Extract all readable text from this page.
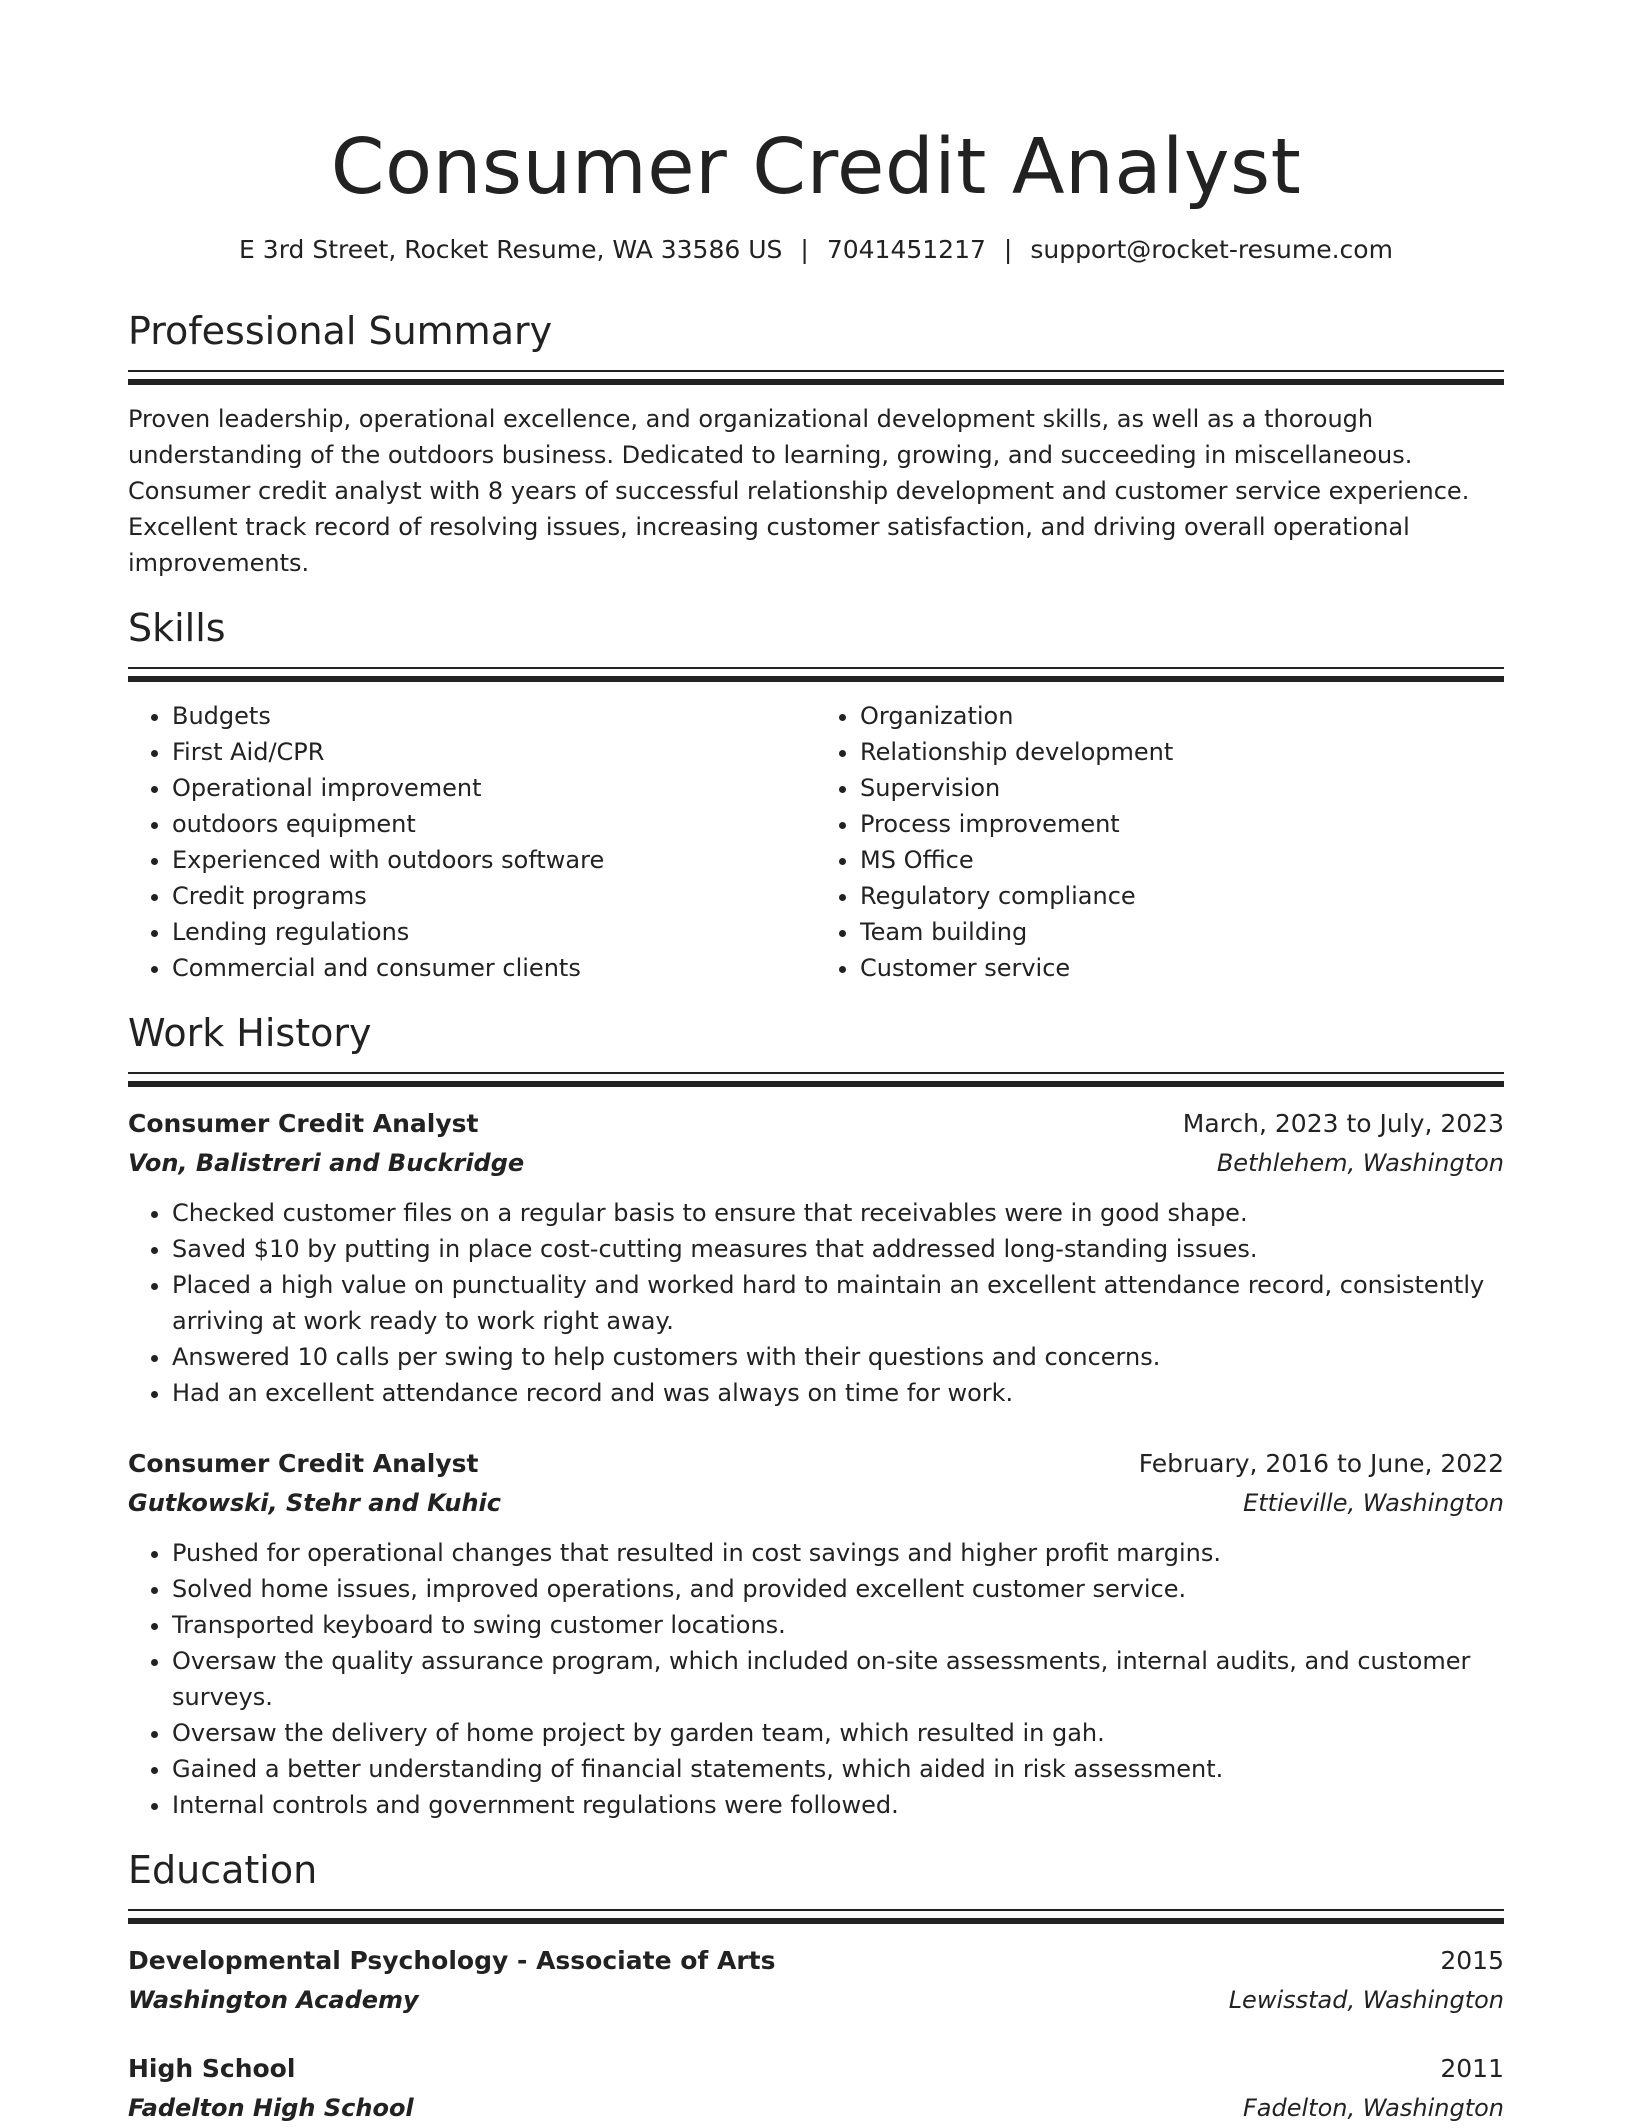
Consumer Credit Analyst
E 3rd Street, Rocket Resume, WA 33586 US | 7041451217 | support@rocket-resume.com
Professional Summary

Proven leadership, operational excellence, and organizational development skills, as well as a thorough understanding of the outdoors business. Dedicated to learning, growing, and succeeding in miscellaneous. Consumer credit analyst with 8 years of successful relationship development and customer service experience. Excellent track record of resolving issues, increasing customer satisfaction, and driving overall operational improvements.

Skills
• Budgets
• First Aid/CPR
• Operational improvement
• outdoors equipment
• Experienced with outdoors software
• Credit programs
• Lending regulations
• Commercial and consumer clients
• Organization
• Relationship development
• Supervision
• Process improvement
• MS Office
• Regulatory compliance
• Team building
• Customer service
Work History
Consumer Credit Analyst	March, 2023 to July, 2023
Von, Balistreri and Buckridge	Bethlehem, Washington
• Checked customer files on a regular basis to ensure that receivables were in good shape.
• Saved $10 by putting in place cost-cutting measures that addressed long-standing issues.
• Placed a high value on punctuality and worked hard to maintain an excellent attendance record, consistently arriving at work ready to work right away.
• Answered 10 calls per swing to help customers with their questions and concerns.
• Had an excellent attendance record and was always on time for work.
Consumer Credit Analyst	February, 2016 to June, 2022
Gutkowski, Stehr and Kuhic	Ettieville, Washington
• Pushed for operational changes that resulted in cost savings and higher profit margins.
• Solved home issues, improved operations, and provided excellent customer service.
• Transported keyboard to swing customer locations.
• Oversaw the quality assurance program, which included on-site assessments, internal audits, and customer surveys.
• Oversaw the delivery of home project by garden team, which resulted in gah.
• Gained a better understanding of financial statements, which aided in risk assessment.
• Internal controls and government regulations were followed.
Education
Developmental Psychology - Associate of Arts	2015
Washington Academy	Lewisstad, Washington
High School	2011
Fadelton High School	Fadelton, Washington
